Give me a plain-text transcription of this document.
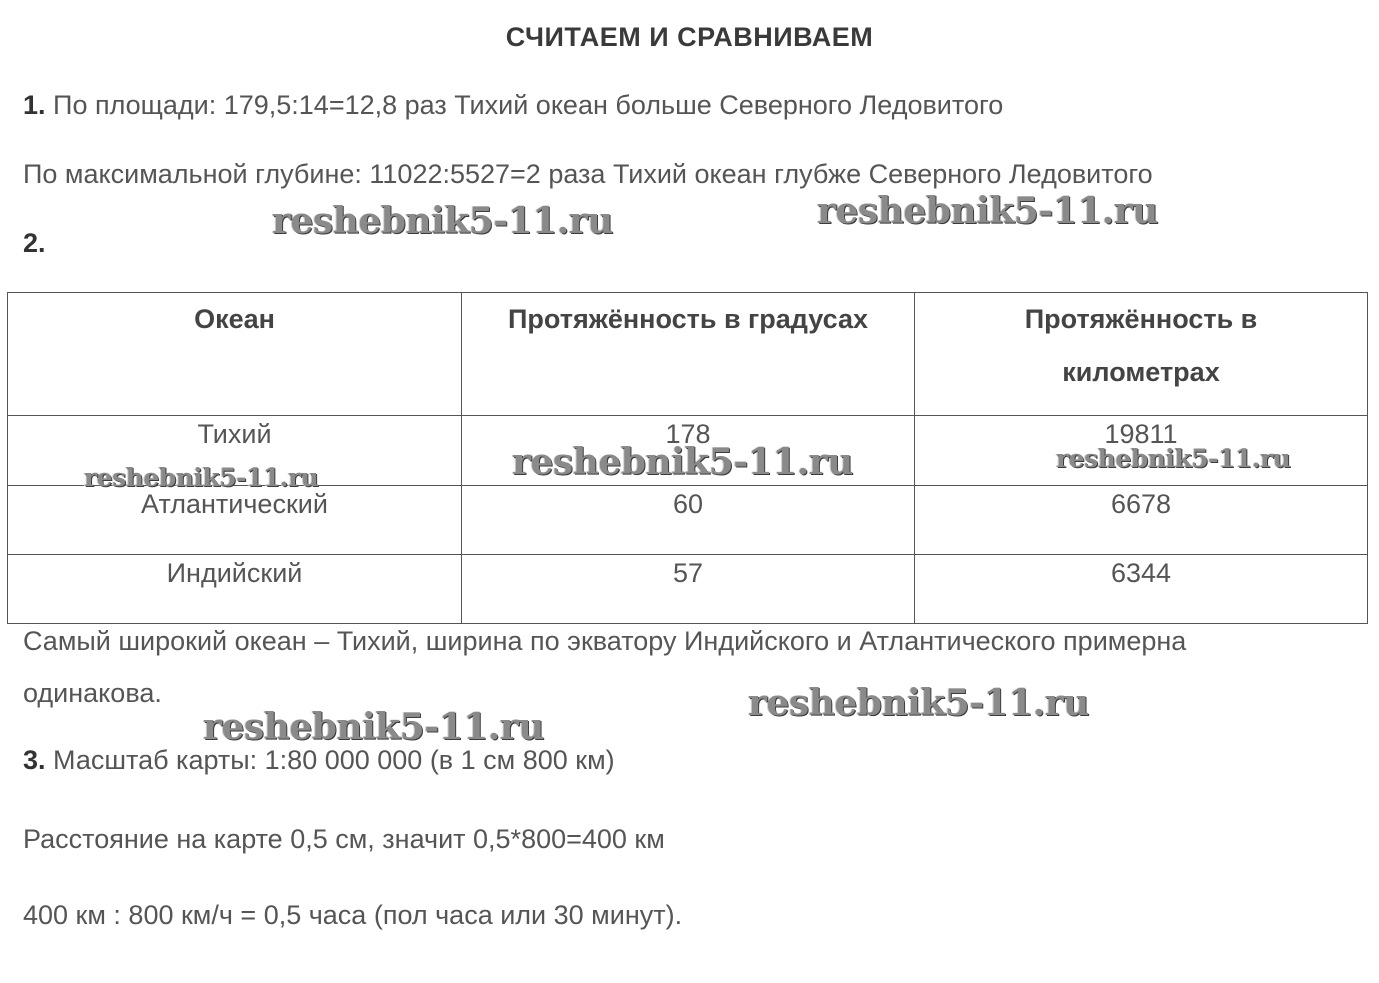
СЧИТАЕМ И СРАВНИВАЕМ
1. По площади: 179,5:14=12,8 раз Тихий океан больше Северного Ледовитого
По максимальной глубине: 11022:5527=2 раза Тихий океан глубже Северного Ледовитого
2.
Океан	Протяжённость в градусах	Протяжённость в километрах

Тихий	178	19811
Атлантический	60	6678
Индийский	57	6344
Самый широкий океан – Тихий, ширина по экватору Индийского и Атлантического примерна
одинакова.
3. Масштаб карты: 1:80 000 000 (в 1 см 800 км)
Расстояние на карте 0,5 см, значит 0,5*800=400 км
400 км : 800 км/ч = 0,5 часа (пол часа или 30 минут).
reshebnik5-11.ru	reshebnik5-11.ru
reshebnik5-11.ru	reshebnik5-11.ru	reshebnik5-11.ru
reshebnik5-11.ru
reshebnik5-11.ru
